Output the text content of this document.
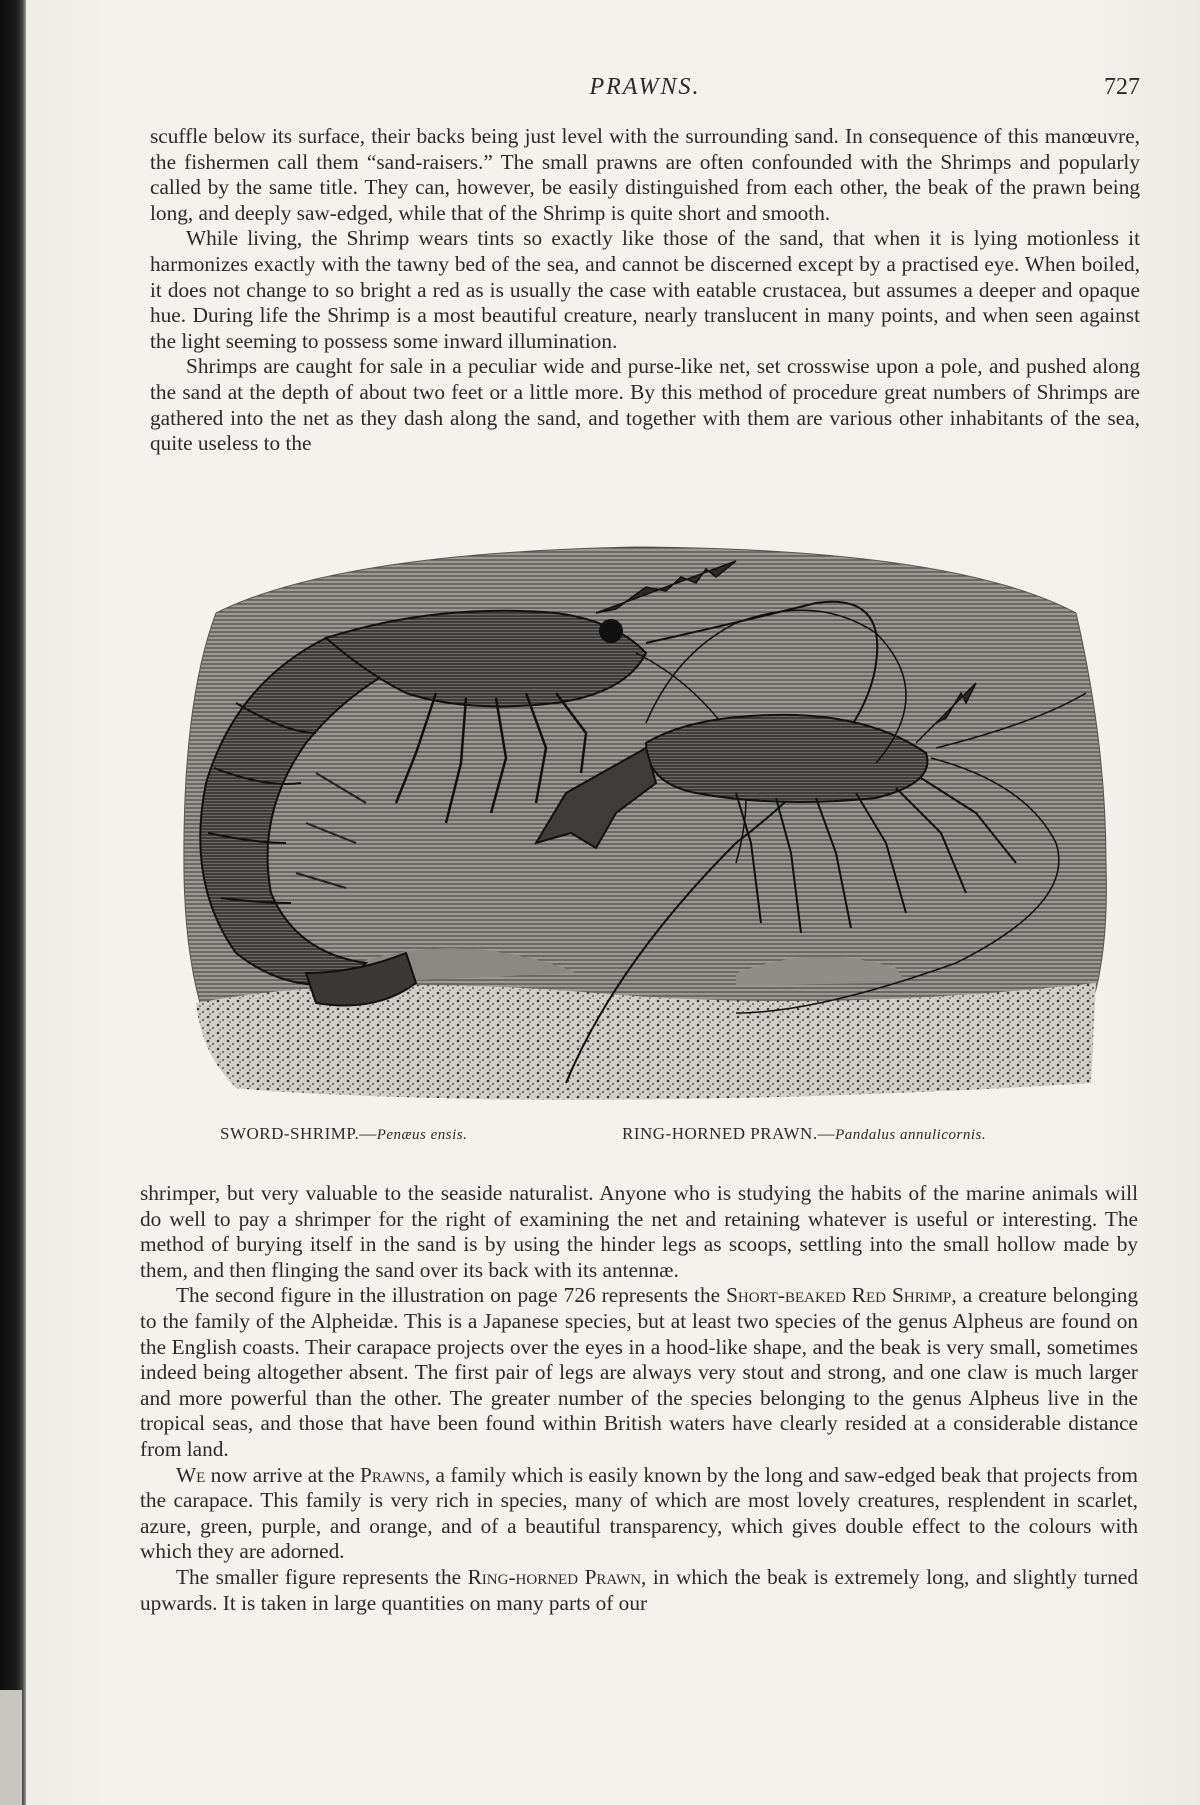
PRAWNS.	727

scuffle below its surface, their backs being just level with the surrounding sand. In consequence of this manœuvre, the fishermen call them “sand-raisers.” The small prawns are often confounded with the Shrimps and popularly called by the same title. They can, however, be easily distinguished from each other, the beak of the prawn being long, and deeply saw-edged, while that of the Shrimp is quite short and smooth.

While living, the Shrimp wears tints so exactly like those of the sand, that when it is lying motionless it harmonizes exactly with the tawny bed of the sea, and cannot be discerned except by a practised eye. When boiled, it does not change to so bright a red as is usually the case with eatable crustacea, but assumes a deeper and opaque hue. During life the Shrimp is a most beautiful creature, nearly translucent in many points, and when seen against the light seeming to possess some inward illumination.

Shrimps are caught for sale in a peculiar wide and purse-like net, set crosswise upon a pole, and pushed along the sand at the depth of about two feet or a little more. By this method of procedure great numbers of Shrimps are gathered into the net as they dash along the sand, and together with them are various other inhabitants of the sea, quite useless to the

SWORD-SHRIMP.—Penæus ensis.	RING-HORNED PRAWN.—Pandalus annulicornis.

shrimper, but very valuable to the seaside naturalist. Anyone who is studying the habits of the marine animals will do well to pay a shrimper for the right of examining the net and retaining whatever is useful or interesting. The method of burying itself in the sand is by using the hinder legs as scoops, settling into the small hollow made by them, and then flinging the sand over its back with its antennæ.

The second figure in the illustration on page 726 represents the Short-beaked Red Shrimp, a creature belonging to the family of the Alpheidæ. This is a Japanese species, but at least two species of the genus Alpheus are found on the English coasts. Their carapace projects over the eyes in a hood-like shape, and the beak is very small, sometimes indeed being altogether absent. The first pair of legs are always very stout and strong, and one claw is much larger and more powerful than the other. The greater number of the species belonging to the genus Alpheus live in the tropical seas, and those that have been found within British waters have clearly resided at a considerable distance from land.

We now arrive at the Prawns, a family which is easily known by the long and saw-edged beak that projects from the carapace. This family is very rich in species, many of which are most lovely creatures, resplendent in scarlet, azure, green, purple, and orange, and of a beautiful transparency, which gives double effect to the colours with which they are adorned.

The smaller figure represents the Ring-horned Prawn, in which the beak is extremely long, and slightly turned upwards. It is taken in large quantities on many parts of our
